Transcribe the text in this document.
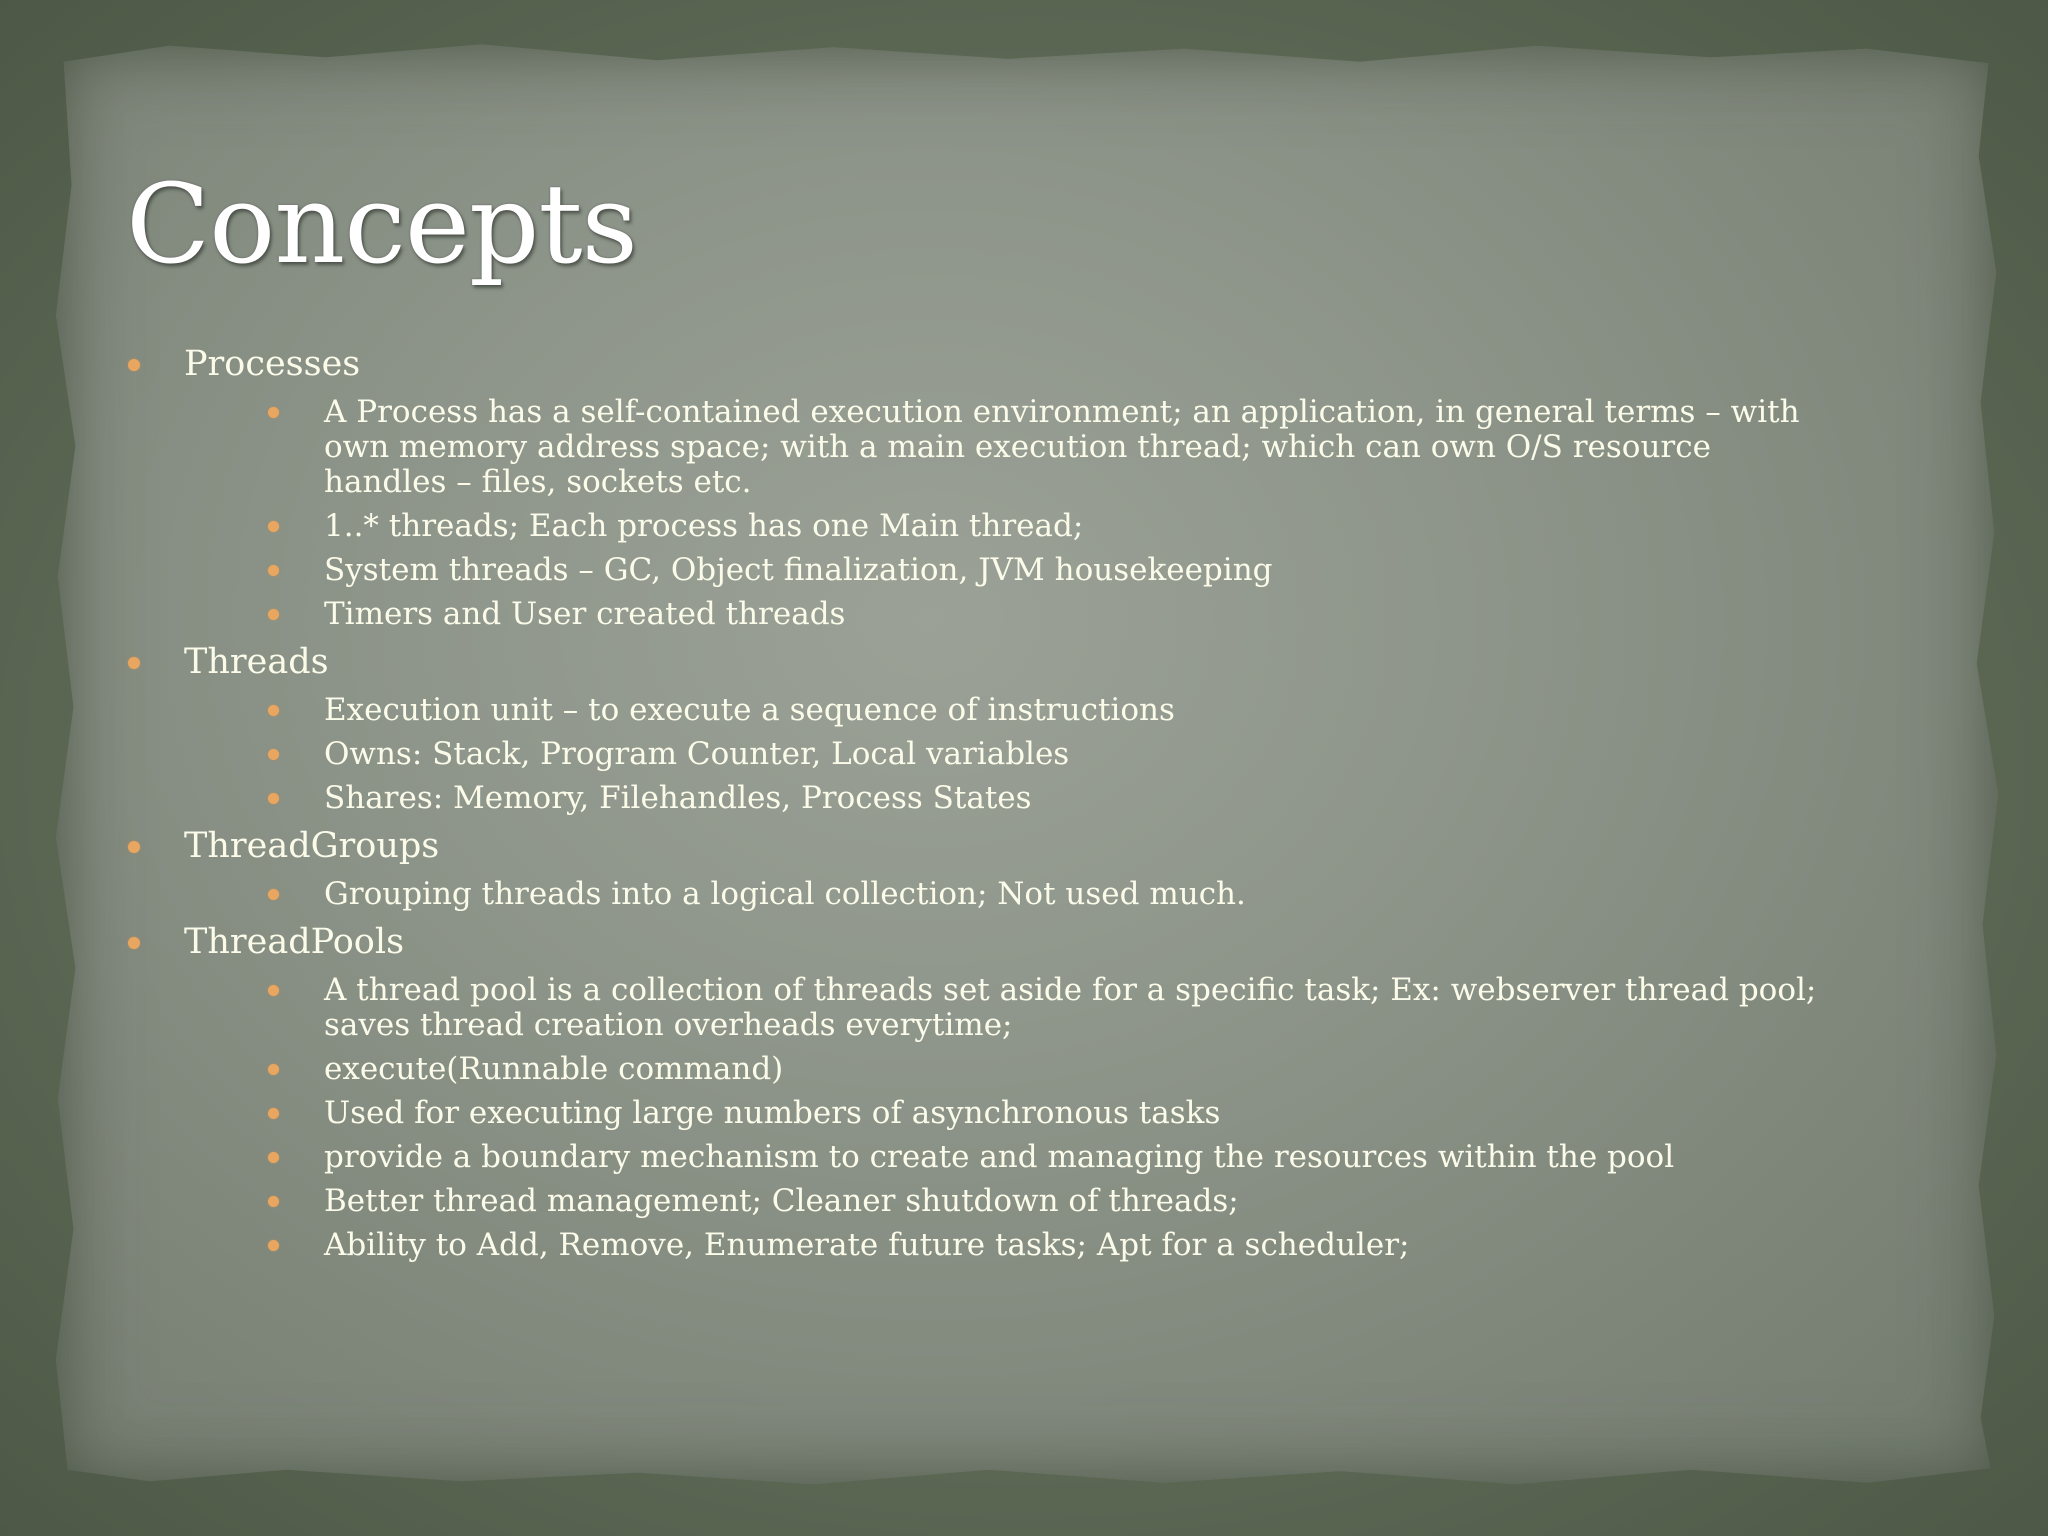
Concepts
Processes
A Process has a self-contained execution environment; an application, in general terms – with own memory address space; with a main execution thread; which can own O/S resource handles – files, sockets etc.
1..* threads; Each process has one Main thread;
System threads – GC, Object finalization, JVM housekeeping
Timers and User created threads
Threads
Execution unit – to execute a sequence of instructions
Owns: Stack, Program Counter, Local variables
Shares: Memory, Filehandles, Process States
ThreadGroups
Grouping threads into a logical collection; Not used much.
ThreadPools
A thread pool is a collection of threads set aside for a specific task; Ex: webserver thread pool; saves thread creation overheads everytime;
execute(Runnable command)
Used for executing large numbers of asynchronous tasks
provide a boundary mechanism to create and managing the resources within the pool
Better thread management; Cleaner shutdown of threads;
Ability to Add, Remove, Enumerate future tasks; Apt for a scheduler;
